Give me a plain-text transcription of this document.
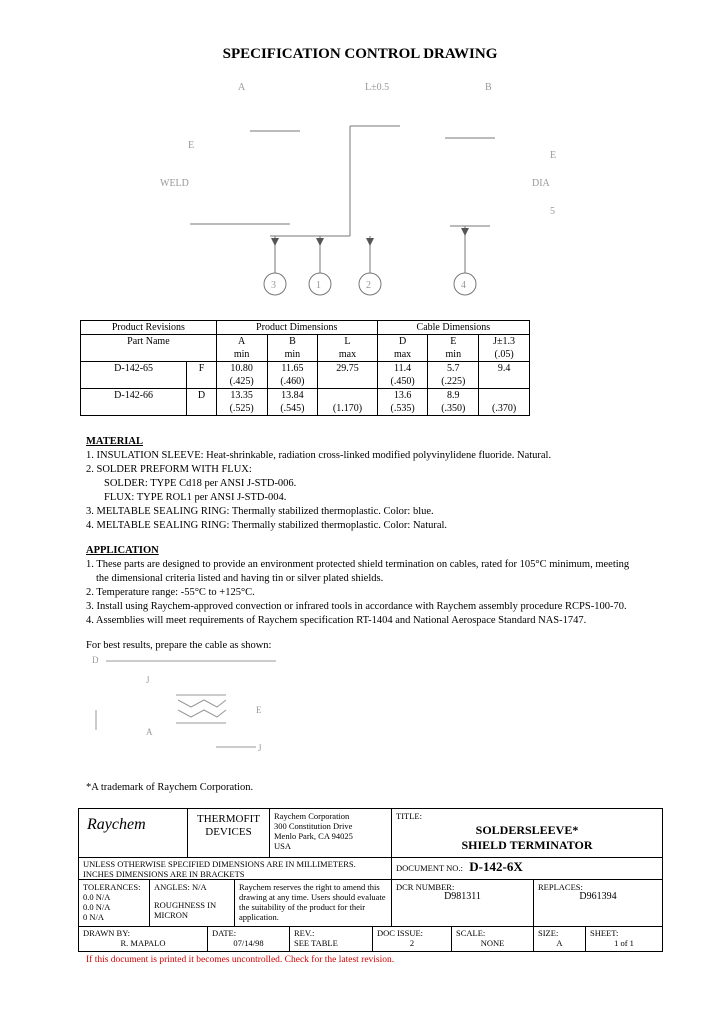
SPECIFICATION CONTROL DRAWING
A	L±0.5	B
E
WELD
E
DIA
5
3	1	2	4
Product Revisions		Product Dimensions			Cable Dimensions		
Part Name		A	B	L	D	E	J±1.3
		min	min	max	max	min	(.05)
D-142-65	F	10.80	11.65	29.75	11.4	5.7	9.4
		(.425)	(.460)		(.450)	(.225)	
D-142-66	D	13.35	13.84		13.6	8.9	
		(.525)	(.545)	(1.170)	(.535)	(.350)	(.370)
MATERIAL
1. INSULATION SLEEVE: Heat-shrinkable, radiation cross-linked modified polyvinylidene fluoride. Natural.
2. SOLDER PREFORM WITH FLUX:
SOLDER: TYPE Cd18 per ANSI J-STD-006.
FLUX: TYPE ROL1 per ANSI J-STD-004.
3. MELTABLE SEALING RING: Thermally stabilized thermoplastic. Color: blue.
4. MELTABLE SEALING RING: Thermally stabilized thermoplastic. Color: Natural.
APPLICATION
1. These parts are designed to provide an environment protected shield termination on cables, rated for 105°C minimum, meeting
the dimensional criteria listed and having tin or silver plated shields.
2. Temperature range: -55°C to +125°C.
3. Install using Raychem-approved convection or infrared tools in accordance with Raychem assembly procedure RCPS-100-70.
4. Assemblies will meet requirements of Raychem specification RT-1404 and National Aerospace Standard NAS-1747.
For best results, prepare the cable as shown:
D
J
E
A
J
*A trademark of Raychem Corporation.
Raychem	THERMOFIT
DEVICES
Raychem Corporation
300 Constitution Drive
Menlo Park, CA 94025
USA
TITLE:
SOLDERSLEEVE*
SHIELD TERMINATOR
UNLESS OTHERWISE SPECIFIED DIMENSIONS ARE IN MILLIMETERS.
INCHES DIMENSIONS ARE IN BRACKETS
DOCUMENT NO.: D-142-6X
TOLERANCES:
0.0 N/A
0.0 N/A
0 N/A
ANGLES: N/A
ROUGHNESS IN
MICRON
Raychem reserves the right to amend this drawing at any time. Users should evaluate the suitability of the product for their application.
DCR NUMBER:
D981311
REPLACES:
D961394
DRAWN BY:
R. MAPALO
DATE:
07/14/98
REV.:
SEE TABLE
DOC ISSUE:
2
SCALE:
NONE
SIZE:
A
SHEET:
1 of 1
If this document is printed it becomes uncontrolled. Check for the latest revision.
